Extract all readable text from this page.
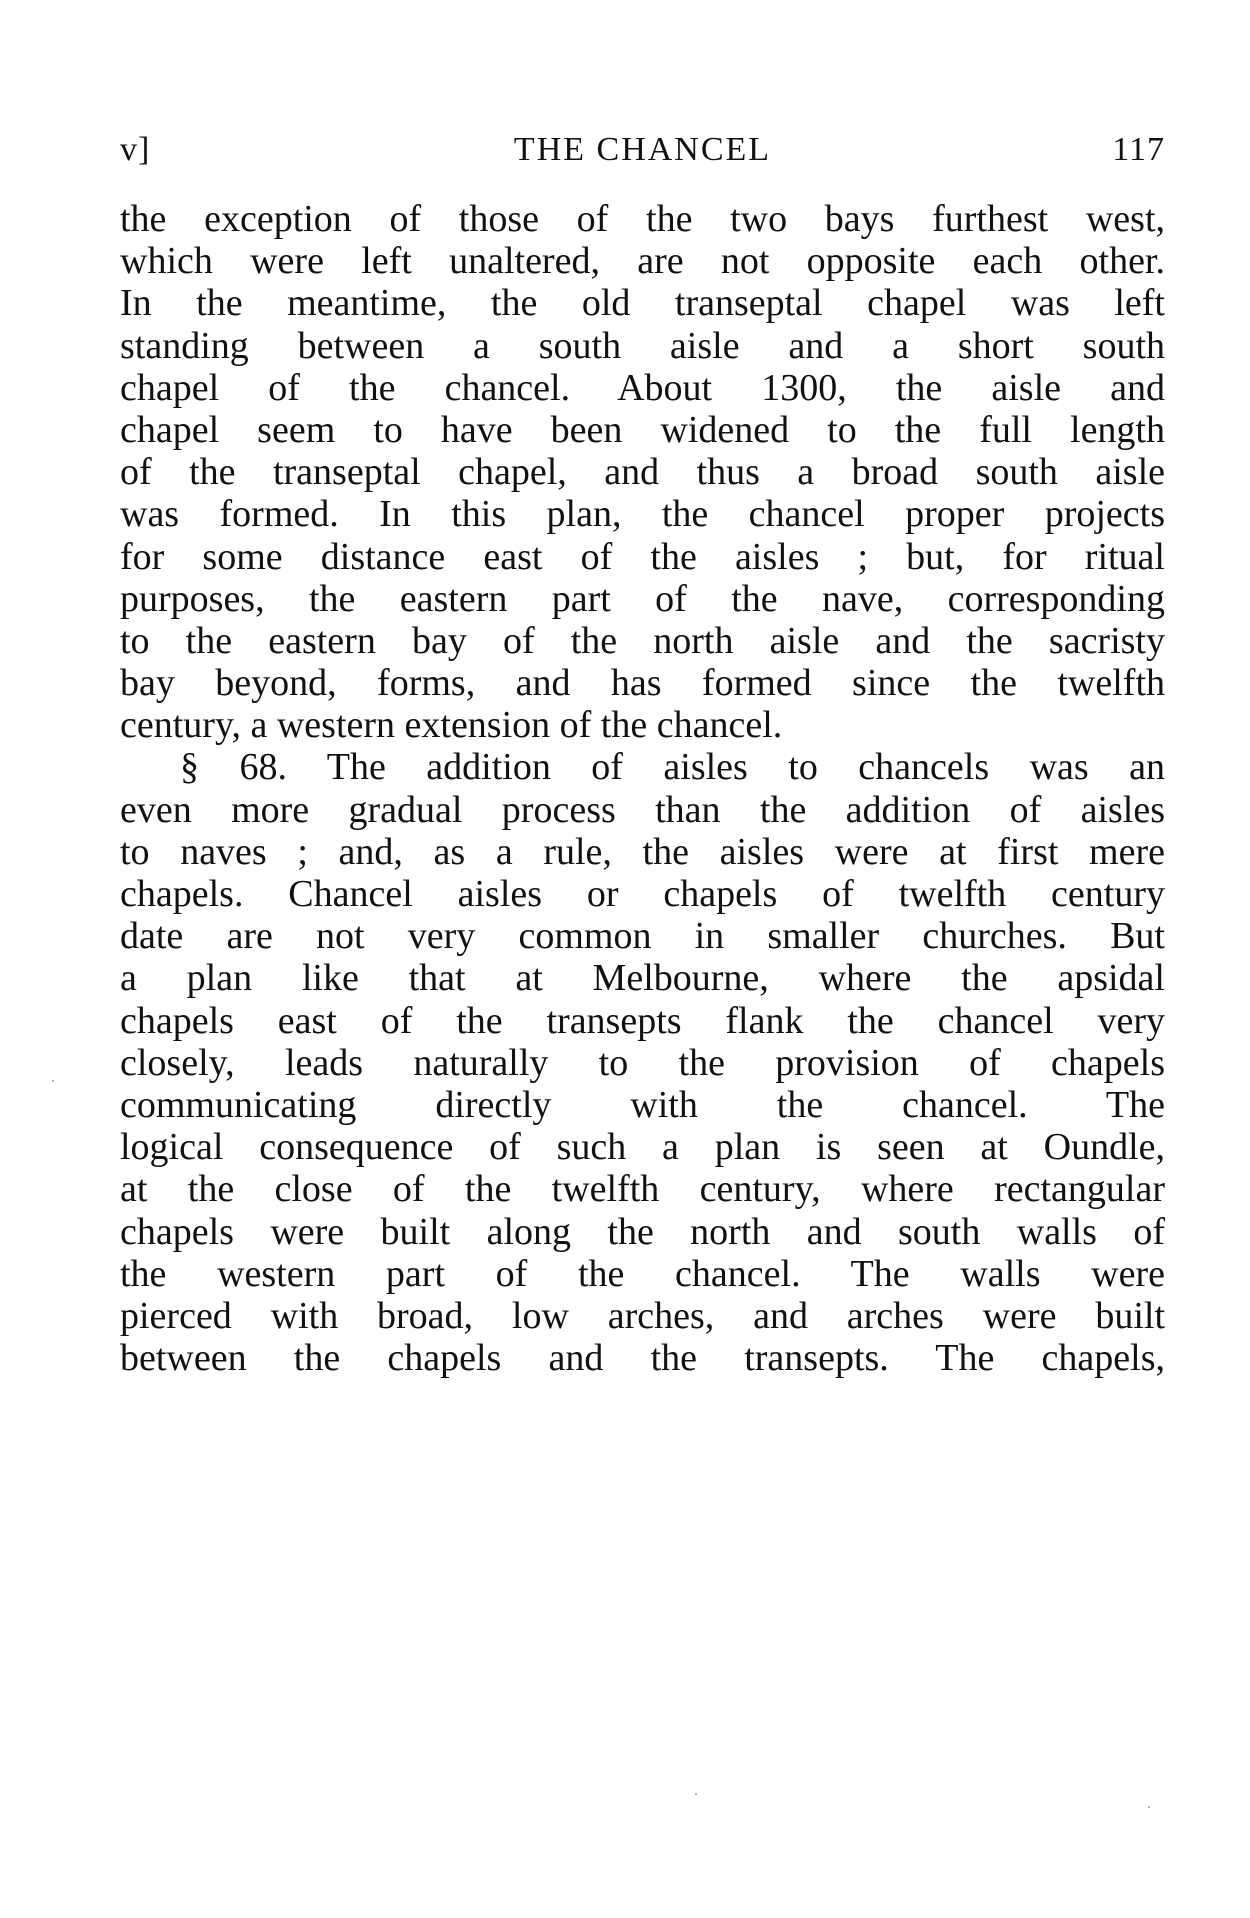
v]	THE CHANCEL	117
the exception of those of the two bays furthest west,
which were left unaltered, are not opposite each other.
In the meantime, the old transeptal chapel was left
standing between a south aisle and a short south
chapel of the chancel. About 1300, the aisle and
chapel seem to have been widened to the full length
of the transeptal chapel, and thus a broad south aisle
was formed. In this plan, the chancel proper projects
for some distance east of the aisles ; but, for ritual
purposes, the eastern part of the nave, corresponding
to the eastern bay of the north aisle and the sacristy
bay beyond, forms, and has formed since the twelfth
century, a western extension of the chancel.
§ 68. The addition of aisles to chancels was an
even more gradual process than the addition of aisles
to naves ; and, as a rule, the aisles were at first mere
chapels. Chancel aisles or chapels of twelfth century
date are not very common in smaller churches. But
a plan like that at Melbourne, where the apsidal
chapels east of the transepts flank the chancel very
closely, leads naturally to the provision of chapels
communicating directly with the chancel. The
logical consequence of such a plan is seen at Oundle,
at the close of the twelfth century, where rectangular
chapels were built along the north and south walls of
the western part of the chancel. The walls were
pierced with broad, low arches, and arches were built
between the chapels and the transepts. The chapels,
